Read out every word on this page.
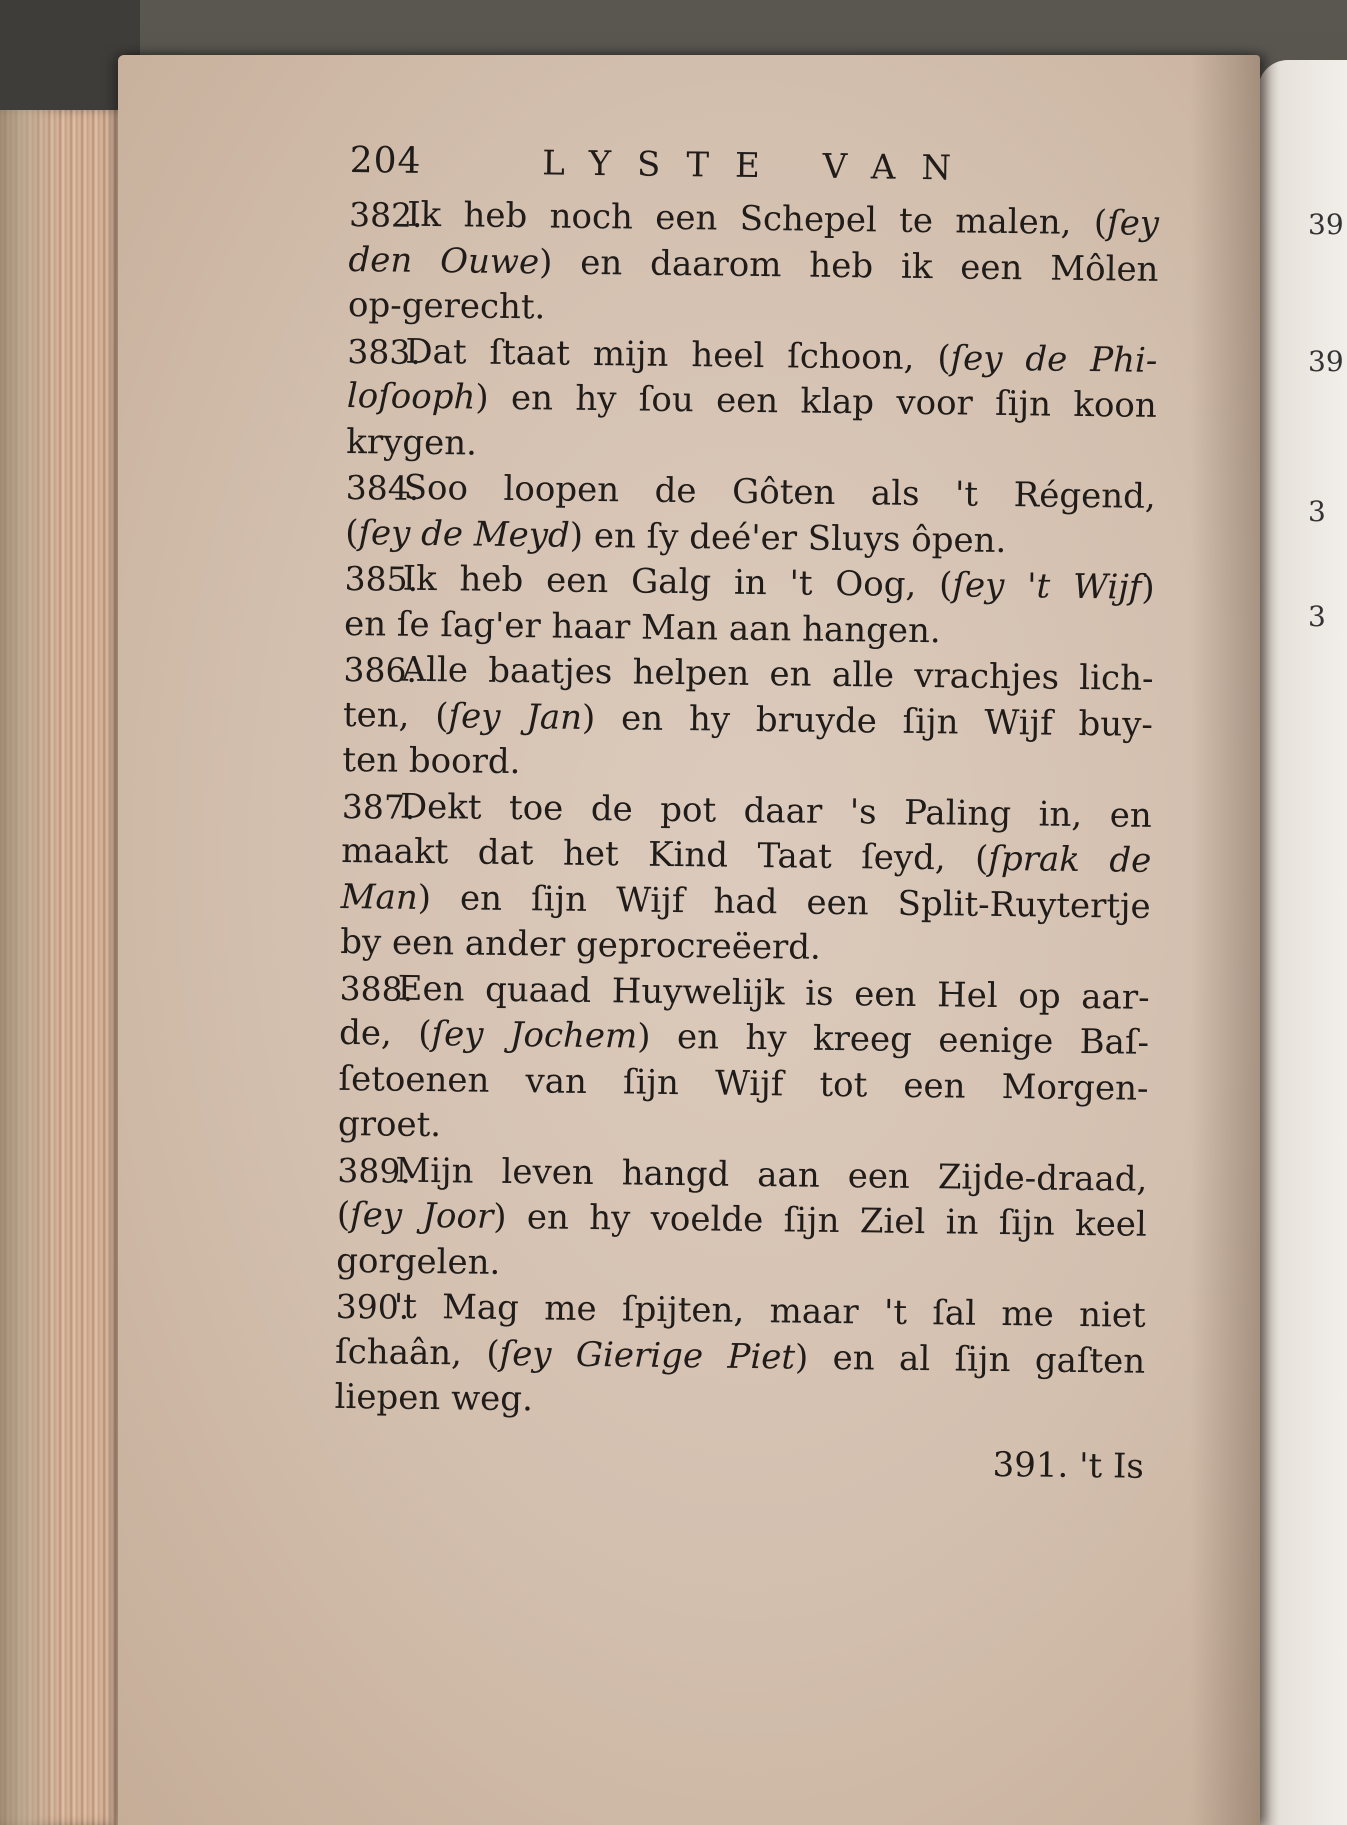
39
39
3
3
204	LYSTE VAN
382.
Ik heb noch een Schepel te malen, (ſey
den Ouwe) en daarom heb ik een Môlen
op-gerecht.
383.
Dat ſtaat mijn heel ſchoon, (ſey de Phi-
loſooph) en hy ſou een klap voor ſijn koon
krygen.
384.
Soo loopen de Gôten als 't Régend,
(ſey de Meyd) en ſy deé'er Sluys ôpen.
385.
Ik heb een Galg in 't Oog, (ſey 't Wijf)
en ſe ſag'er haar Man aan hangen.
386.
Alle baatjes helpen en alle vrachjes lich-
ten, (ſey Jan) en hy bruyde ſijn Wijf buy-
ten boord.
387.
Dekt toe de pot daar 's Paling in, en
maakt dat het Kind Taat ſeyd, (ſprak de
Man) en ſijn Wijf had een Split-Ruytertje
by een ander geprocreëerd.
388.
Een quaad Huywelijk is een Hel op aar-
de, (ſey Jochem) en hy kreeg eenige Baſ-
ſetoenen van ſijn Wijf tot een Morgen-
groet.
389.
Mijn leven hangd aan een Zijde-draad,
(ſey Joor) en hy voelde ſijn Ziel in ſijn keel
gorgelen.
390.
't Mag me ſpijten, maar 't ſal me niet
ſchaân, (ſey Gierige Piet) en al ſijn gaſten
liepen weg.
391. 't Is
